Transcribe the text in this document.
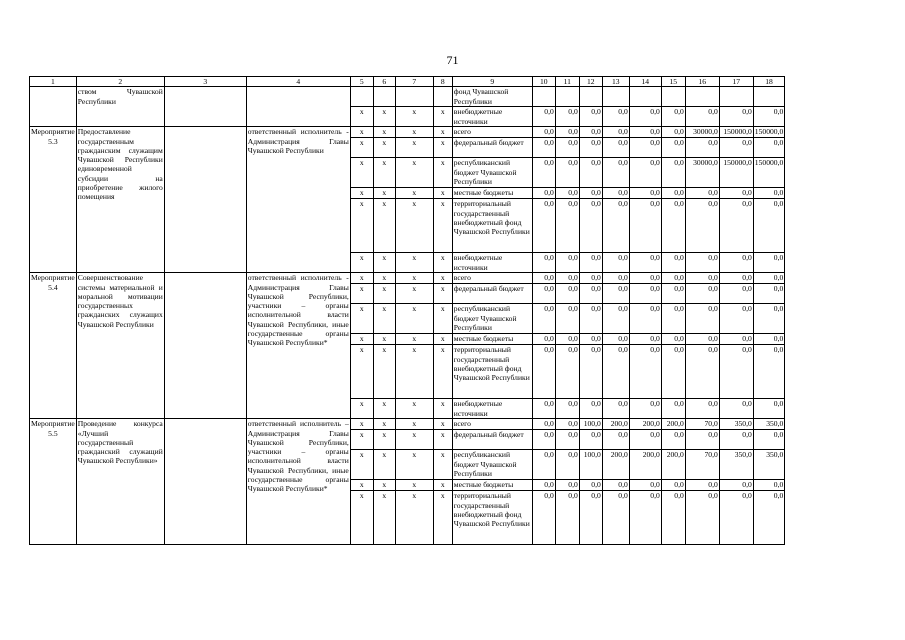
71
1	2	3	4	5	6	7	8	9	10	11	12	13	14	15	16	17	18
	ством Чувашской Республики							фонд Чувашской Республики									
				x	x	x	x	внебюджетные источники	0,0	0,0	0,0	0,0	0,0	0,0	0,0	0,0	0,0
Мероприятие 5.3	Предоставление государственным гражданским служащим Чувашской Республики единовременной субсидии на приобретение жилого помещения		ответственный исполнитель - Администрация Главы Чувашской Республики	x	x	x	x	всего	0,0	0,0	0,0	0,0	0,0	0,0	30000,0	150000,0	150000,0
				x	x	x	x	федеральный бюджет	0,0	0,0	0,0	0,0	0,0	0,0	0,0	0,0	0,0
				x	x	x	x	республиканский бюджет Чувашской Республики	0,0	0,0	0,0	0,0	0,0	0,0	30000,0	150000,0	150000,0
				x	x	x	x	местные бюджеты	0,0	0,0	0,0	0,0	0,0	0,0	0,0	0,0	0,0
				x	x	x	x	территориальный государственный внебюджетный фонд Чувашской Республики	0,0	0,0	0,0	0,0	0,0	0,0	0,0	0,0	0,0
				x	x	x	x	внебюджетные источники	0,0	0,0	0,0	0,0	0,0	0,0	0,0	0,0	0,0
Мероприятие 5.4	Совершенствование системы материальной и моральной мотивации государственных гражданских служащих Чувашской Республики		ответственный исполнитель - Администрация Главы Чувашской Республики, участники – органы исполнительной власти Чувашской Республики, иные государственные органы Чувашской Республики*	x	x	x	x	всего	0,0	0,0	0,0	0,0	0,0	0,0	0,0	0,0	0,0
				x	x	x	x	федеральный бюджет	0,0	0,0	0,0	0,0	0,0	0,0	0,0	0,0	0,0
				x	x	x	x	республиканский бюджет Чувашской Республики	0,0	0,0	0,0	0,0	0,0	0,0	0,0	0,0	0,0
				x	x	x	x	местные бюджеты	0,0	0,0	0,0	0,0	0,0	0,0	0,0	0,0	0,0
				x	x	x	x	территориальный государственный внебюджетный фонд Чувашской Республики	0,0	0,0	0,0	0,0	0,0	0,0	0,0	0,0	0,0
				x	x	x	x	внебюджетные источники	0,0	0,0	0,0	0,0	0,0	0,0	0,0	0,0	0,0
Мероприятие 5.5	Проведение конкурса «Лучший государственный гражданский служащий Чувашской Республики»		ответственный исполнитель – Администрация Главы Чувашской Республики, участники – органы исполнительной власти Чувашской Республики, иные государственные органы Чувашской Республики*	x	x	x	x	всего	0,0	0,0	100,0	200,0	200,0	200,0	70,0	350,0	350,0
				x	x	x	x	федеральный бюджет	0,0	0,0	0,0	0,0	0,0	0,0	0,0	0,0	0,0
				x	x	x	x	республиканский бюджет Чувашской Республики	0,0	0,0	100,0	200,0	200,0	200,0	70,0	350,0	350,0
				x	x	x	x	местные бюджеты	0,0	0,0	0,0	0,0	0,0	0,0	0,0	0,0	0,0
				x	x	x	x	территориальный государственный внебюджетный фонд Чувашской Республики	0,0	0,0	0,0	0,0	0,0	0,0	0,0	0,0	0,0
